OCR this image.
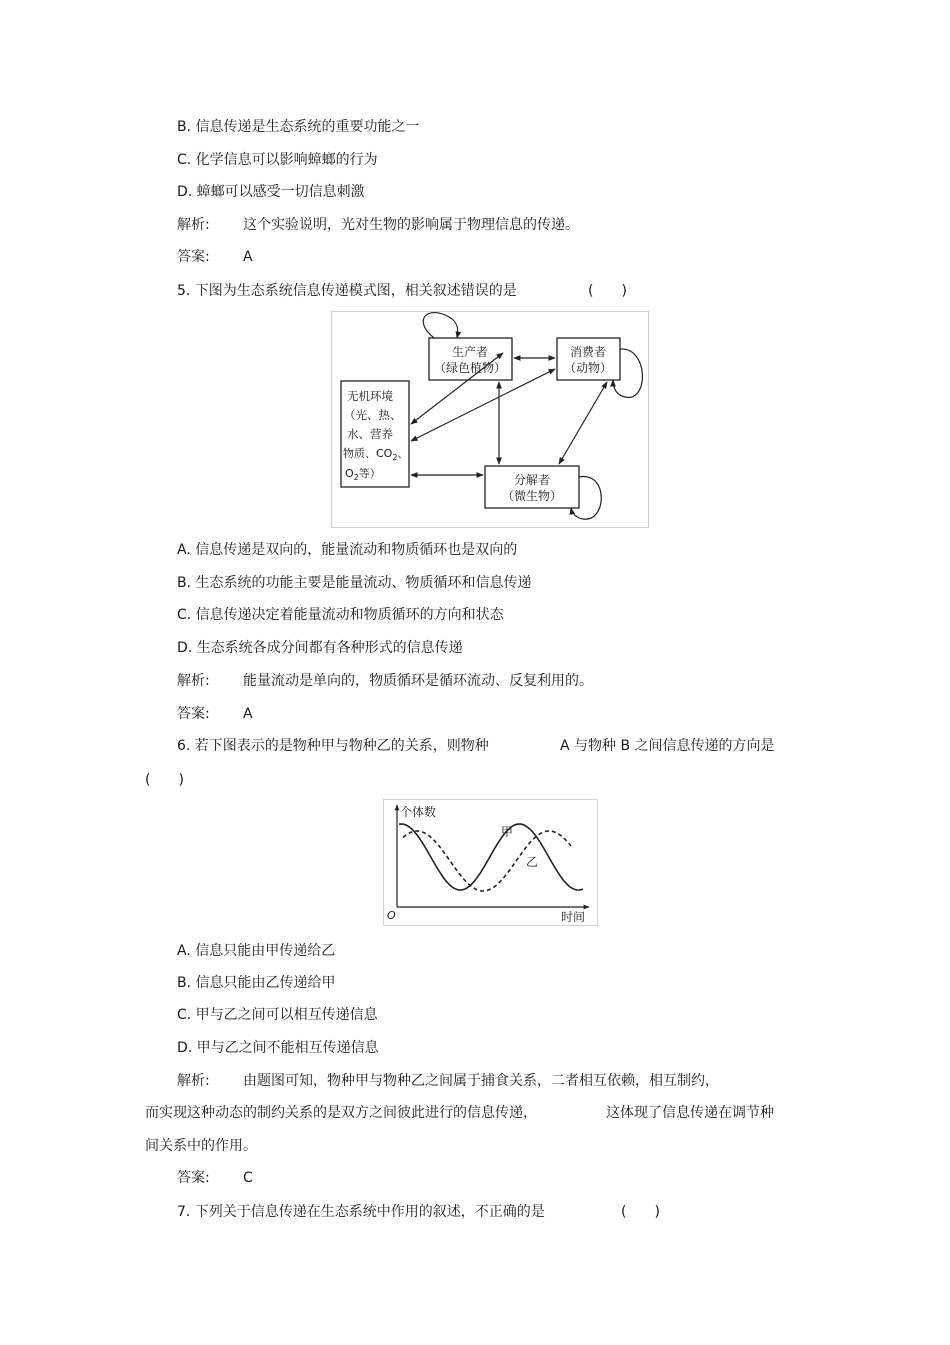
B. 信息传递是生态系统的重要功能之一
C. 化学信息可以影响蟑螂的行为
D. 蟑螂可以感受一切信息刺激
解析: 这个实验说明，光对生物的影响属于物理信息的传递。
答案: A
5. 下图为生态系统信息传递模式图，相关叙述错误的是	(　　)
生产者
（绿色植物）
消费者
（动物）
分解者
（微生物）
无机环境
（光、热、
水、营养
物质、$CO_2$、
$O_2$等）
A. 信息传递是双向的，能量流动和物质循环也是双向的
B. 生态系统的功能主要是能量流动、物质循环和信息传递
C. 信息传递决定着能量流动和物质循环的方向和状态
D. 生态系统各成分间都有各种形式的信息传递
解析: 能量流动是单向的，物质循环是循环流动、反复利用的。
答案: A
6. 若下图表示的是物种甲与物种乙的关系，则物种	A 与物种 B 之间信息传递的方向是
(　　)
个体数
时间
O
甲
乙
A. 信息只能由甲传递给乙
B. 信息只能由乙传递给甲
C. 甲与乙之间可以相互传递信息
D. 甲与乙之间不能相互传递信息
解析: 由题图可知，物种甲与物种乙之间属于捕食关系，二者相互依赖，相互制约，
而实现这种动态的制约关系的是双方之间彼此进行的信息传递，	这体现了信息传递在调节种
间关系中的作用。
答案: C
7. 下列关于信息传递在生态系统中作用的叙述，不正确的是	(　　)
